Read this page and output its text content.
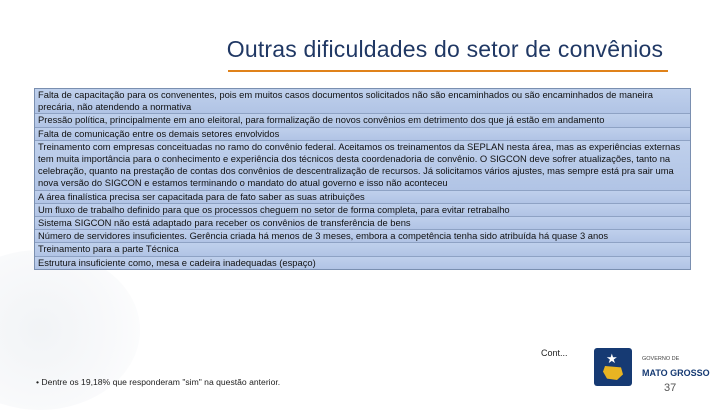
Outras dificuldades do setor de convênios
Falta de capacitação para os convenentes, pois em muitos casos documentos solicitados não são encaminhados ou são encaminhados de maneira precária, não atendendo a normativa
Pressão política, principalmente em ano eleitoral, para formalização de novos convênios em detrimento dos que já estão em andamento
Falta de comunicação entre os demais setores envolvidos
Treinamento com empresas conceituadas no ramo do convênio federal. Aceitamos os treinamentos da SEPLAN nesta área, mas as experiências externas tem muita importância para o conhecimento e experiência dos técnicos desta coordenadoria de convênio. O SIGCON deve sofrer atualizações, tanto na celebração, quanto na prestação de contas dos convênios de descentralização de recursos. Já solicitamos vários ajustes, mas sempre está pra sair uma nova versão do SIGCON e estamos terminando o mandato do atual governo e isso não aconteceu
A área finalística precisa ser capacitada para de fato saber as suas atribuições
Um fluxo de trabalho definido para que os processos cheguem no setor de forma completa, para evitar retrabalho
Sistema SIGCON não está adaptado para receber os convênios de transferência de bens
Número de servidores insuficientes. Gerência criada há menos de 3 meses, embora a competência tenha sido atribuída há quase 3 anos
Treinamento para a parte Técnica
Estrutura insuficiente como, mesa e cadeira inadequadas (espaço)
Cont...
• Dentre os 19,18% que responderam "sim" na questão anterior.
★	GOVERNO DE
MATO GROSSO
37
